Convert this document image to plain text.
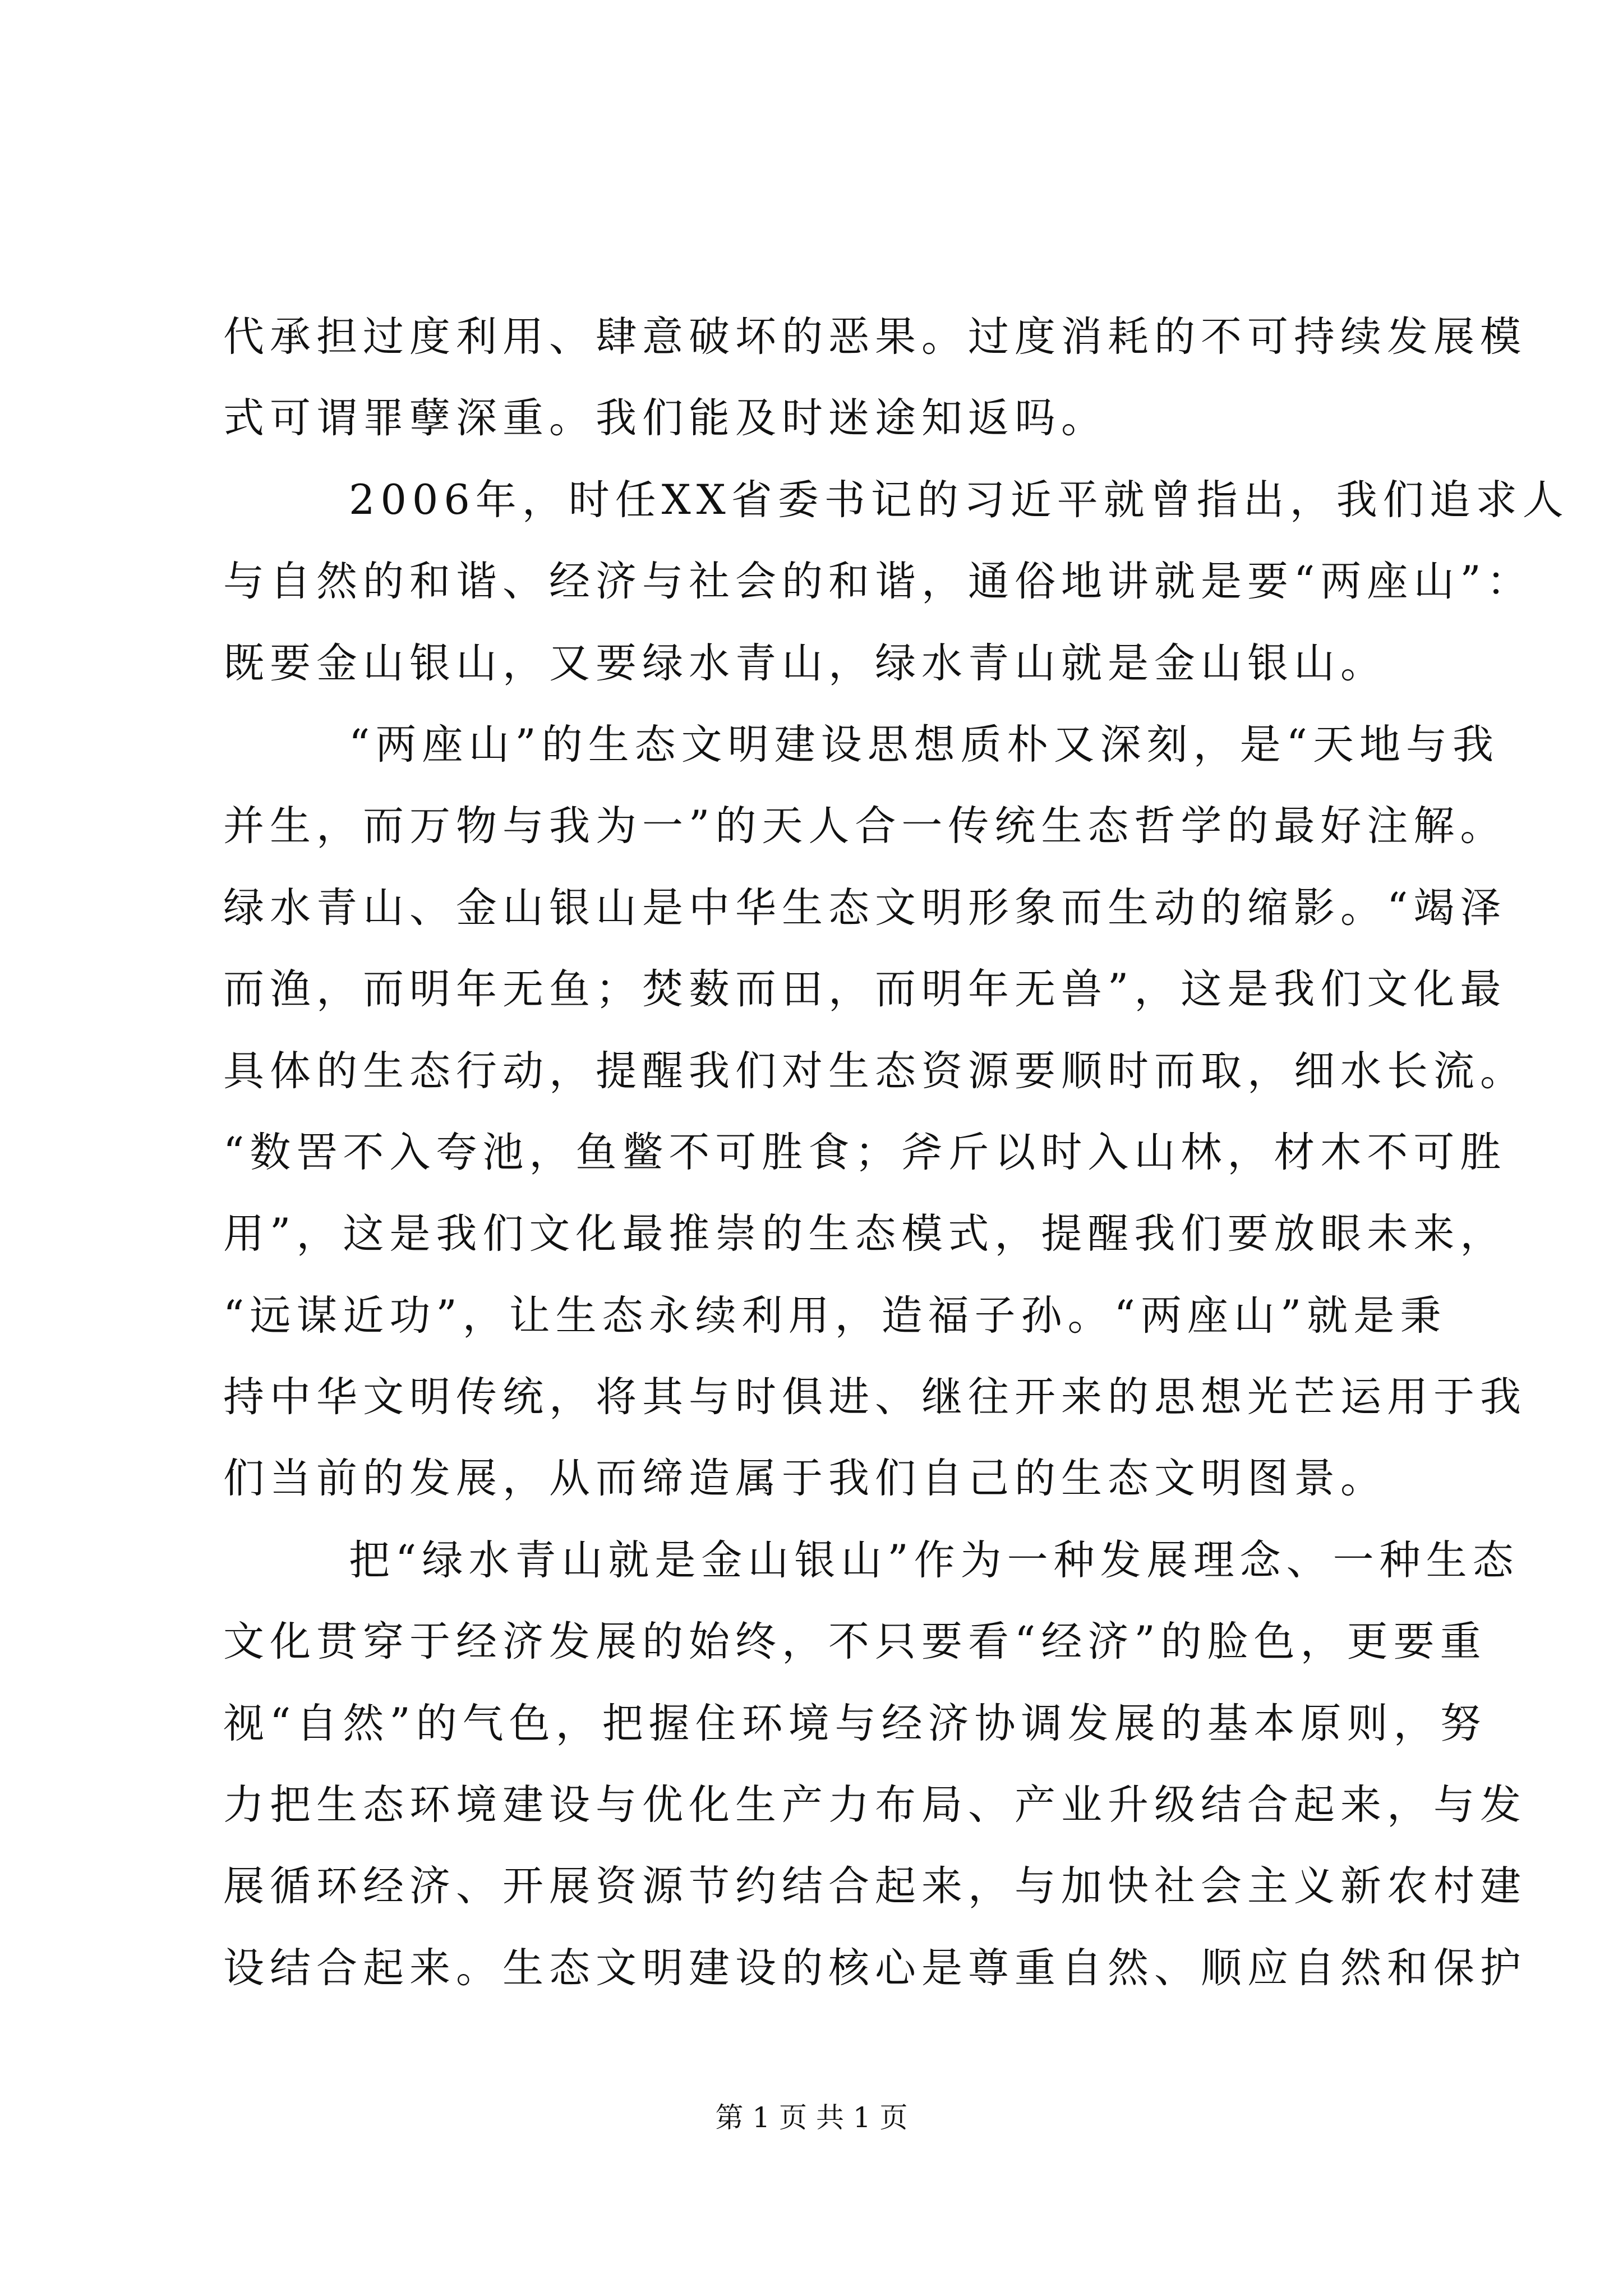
代承担过度利用、肆意破坏的恶果。过度消耗的不可持续发展模
式可谓罪孽深重。我们能及时迷途知返吗。
2006年，时任XX省委书记的习近平就曾指出，我们追求人
与自然的和谐、经济与社会的和谐，通俗地讲就是要“两座山”：
既要金山银山，又要绿水青山，绿水青山就是金山银山。
“两座山”的生态文明建设思想质朴又深刻，是“天地与我
并生，而万物与我为一”的天人合一传统生态哲学的最好注解。
绿水青山、金山银山是中华生态文明形象而生动的缩影。“竭泽
而渔，而明年无鱼；焚薮而田，而明年无兽”，这是我们文化最
具体的生态行动，提醒我们对生态资源要顺时而取，细水长流。
“数罟不入夸池，鱼鳖不可胜食；斧斤以时入山林，材木不可胜
用”，这是我们文化最推崇的生态模式，提醒我们要放眼未来，
“远谋近功”，让生态永续利用，造福子孙。“两座山”就是秉
持中华文明传统，将其与时俱进、继往开来的思想光芒运用于我
们当前的发展，从而缔造属于我们自己的生态文明图景。
把“绿水青山就是金山银山”作为一种发展理念、一种生态
文化贯穿于经济发展的始终，不只要看“经济”的脸色，更要重
视“自然”的气色，把握住环境与经济协调发展的基本原则，努
力把生态环境建设与优化生产力布局、产业升级结合起来，与发
展循环经济、开展资源节约结合起来，与加快社会主义新农村建
设结合起来。生态文明建设的核心是尊重自然、顺应自然和保护
第 1 页 共 1 页
